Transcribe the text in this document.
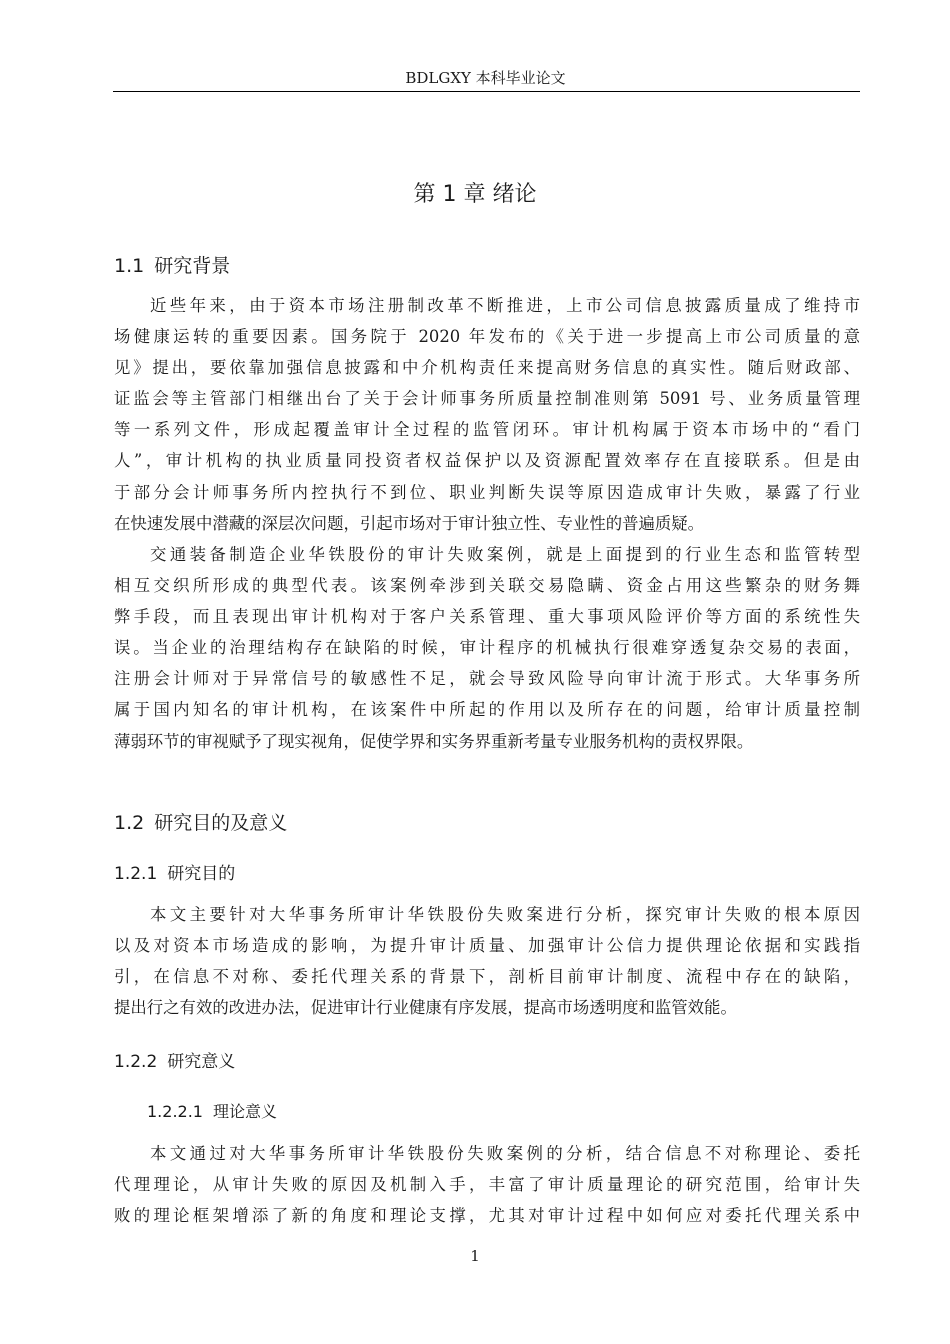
BDLGXY 本科毕业论文
第 1 章 绪论
1.1 研究背景
近些年来，由于资本市场注册制改革不断推进，上市公司信息披露质量成了维持市
场健康运转的重要因素。国务院于 2020 年发布的《关于进一步提高上市公司质量的意
见》提出，要依靠加强信息披露和中介机构责任来提高财务信息的真实性。随后财政部、
证监会等主管部门相继出台了关于会计师事务所质量控制准则第 5091 号、业务质量管理
等一系列文件，形成起覆盖审计全过程的监管闭环。审计机构属于资本市场中的“看门
人”，审计机构的执业质量同投资者权益保护以及资源配置效率存在直接联系。但是由
于部分会计师事务所内控执行不到位、职业判断失误等原因造成审计失败，暴露了行业
在快速发展中潜藏的深层次问题，引起市场对于审计独立性、专业性的普遍质疑。
交通装备制造企业华铁股份的审计失败案例，就是上面提到的行业生态和监管转型
相互交织所形成的典型代表。该案例牵涉到关联交易隐瞒、资金占用这些繁杂的财务舞
弊手段，而且表现出审计机构对于客户关系管理、重大事项风险评价等方面的系统性失
误。当企业的治理结构存在缺陷的时候，审计程序的机械执行很难穿透复杂交易的表面，
注册会计师对于异常信号的敏感性不足，就会导致风险导向审计流于形式。大华事务所
属于国内知名的审计机构，在该案件中所起的作用以及所存在的问题，给审计质量控制
薄弱环节的审视赋予了现实视角，促使学界和实务界重新考量专业服务机构的责权界限。
1.2 研究目的及意义
1.2.1 研究目的
本文主要针对大华事务所审计华铁股份失败案进行分析，探究审计失败的根本原因
以及对资本市场造成的影响，为提升审计质量、加强审计公信力提供理论依据和实践指
引，在信息不对称、委托代理关系的背景下，剖析目前审计制度、流程中存在的缺陷，
提出行之有效的改进办法，促进审计行业健康有序发展，提高市场透明度和监管效能。
1.2.2 研究意义
1.2.2.1 理论意义
本文通过对大华事务所审计华铁股份失败案例的分析，结合信息不对称理论、委托
代理理论，从审计失败的原因及机制入手，丰富了审计质量理论的研究范围，给审计失
败的理论框架增添了新的角度和理论支撑，尤其对审计过程中如何应对委托代理关系中
1
